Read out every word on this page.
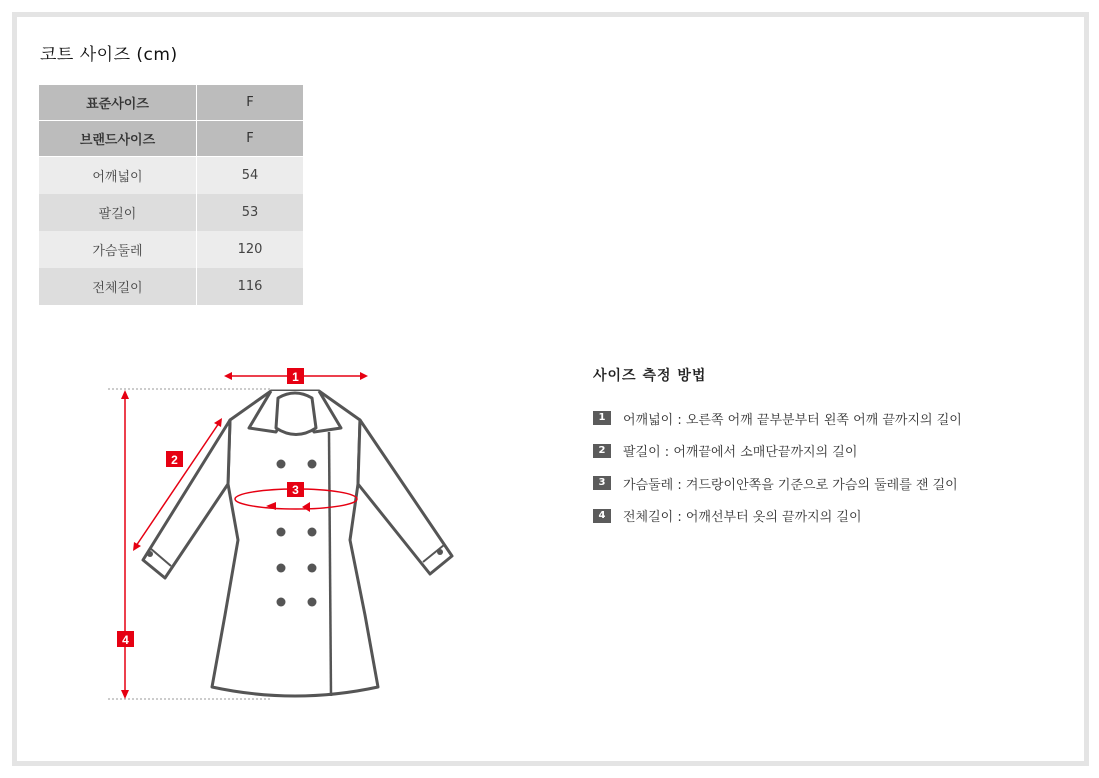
코트 사이즈 (cm)
표준사이즈	F
브랜드사이즈	F
어깨넓이	54
팔길이	53
가슴둘레	120
전체길이	116
1
2
3
4
사이즈 측정 방법
1	어깨넓이 : 오른쪽 어깨 끝부분부터 왼쪽 어깨 끝까지의 길이
2	팔길이 : 어깨끝에서 소매단끝까지의 길이
3	가슴둘레 : 겨드랑이안쪽을 기준으로 가슴의 둘레를 잰 길이
4	전체길이 : 어깨선부터 옷의 끝까지의 길이
